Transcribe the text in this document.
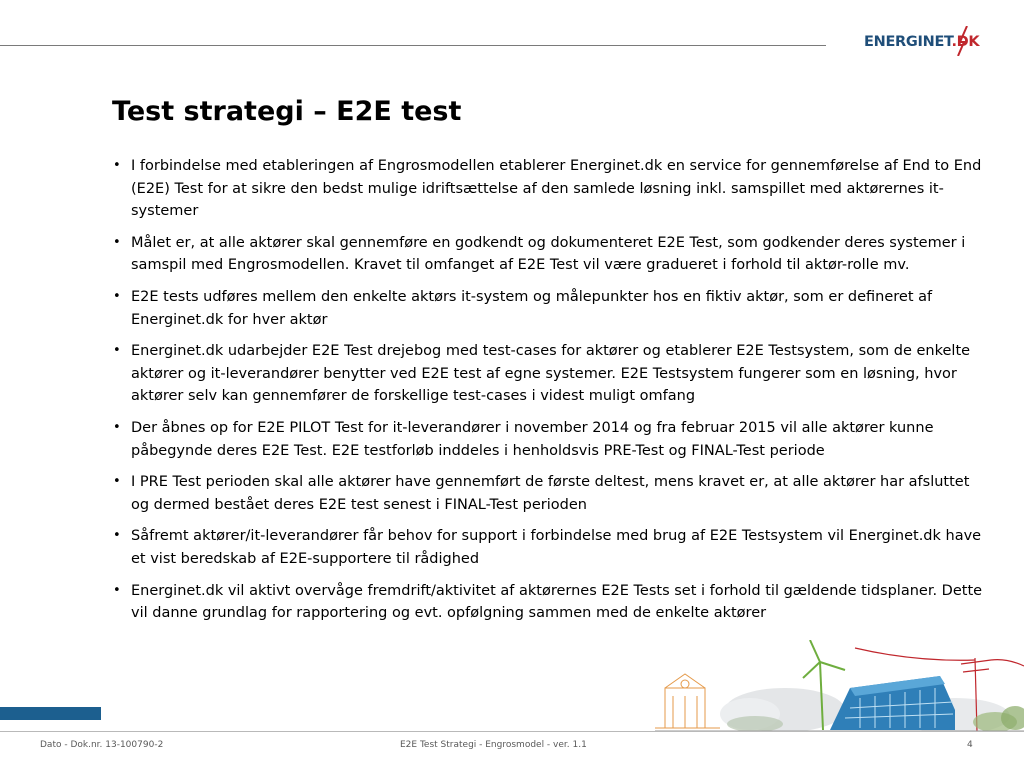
ENERGINET.DK
Test strategi – E2E test
• I forbindelse med etableringen af Engrosmodellen etablerer Energinet.dk en service for gennemførelse af End to End (E2E) Test for at sikre den bedst mulige idriftsættelse af den samlede løsning inkl. samspillet med aktørernes it-systemer
• Målet er, at alle aktører skal gennemføre en godkendt og dokumenteret E2E Test, som godkender deres systemer i samspil med Engrosmodellen. Kravet til omfanget af E2E Test vil være gradueret i forhold til aktør-rolle mv.
• E2E tests udføres mellem den enkelte aktørs it-system og målepunkter hos en fiktiv aktør, som er defineret af Energinet.dk for hver aktør
• Energinet.dk udarbejder E2E Test drejebog med test-cases for aktører og etablerer E2E Testsystem, som de enkelte aktører og it-leverandører benytter ved E2E test af egne systemer. E2E Testsystem fungerer som en løsning, hvor aktører selv kan gennemfører de forskellige test-cases i videst muligt omfang
• Der åbnes op for E2E PILOT Test for it-leverandører i november 2014 og fra februar 2015 vil alle aktører kunne påbegynde deres E2E Test. E2E testforløb inddeles i henholdsvis PRE-Test og FINAL-Test periode
• I PRE Test perioden skal alle aktører have gennemført de første deltest, mens kravet er, at alle aktører har afsluttet og dermed bestået deres E2E test senest i FINAL-Test perioden
• Såfremt aktører/it-leverandører får behov for support i forbindelse med brug af E2E Testsystem vil Energinet.dk have et vist beredskab af E2E-supportere til rådighed
• Energinet.dk vil aktivt overvåge fremdrift/aktivitet af aktørernes E2E Tests set i forhold til gældende tidsplaner. Dette vil danne grundlag for rapportering og evt. opfølgning sammen med de enkelte aktører
Dato - Dok.nr. 13-100790-2	E2E Test Strategi - Engrosmodel - ver. 1.1	4
